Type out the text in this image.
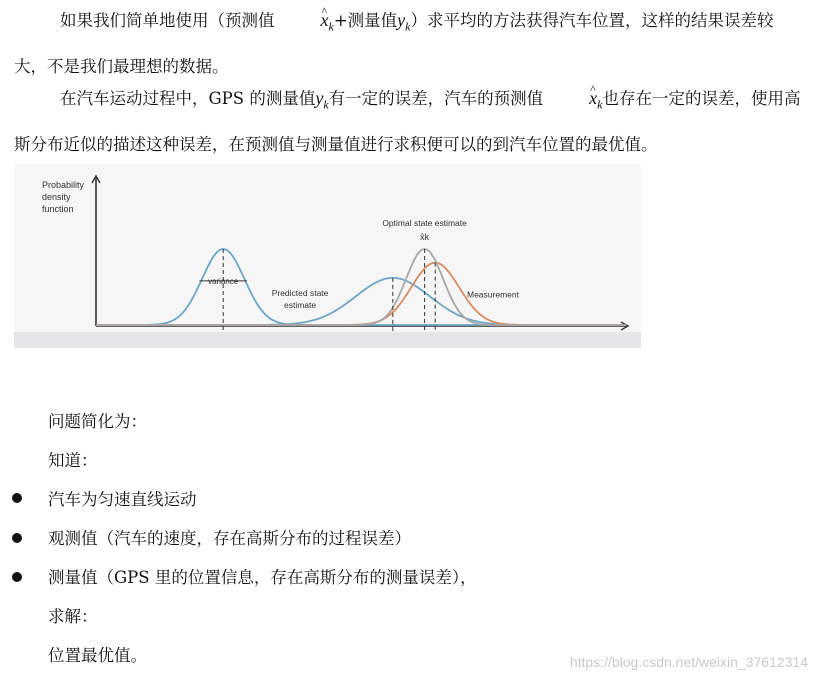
如果我们简单地使用（预测值	^ $x_k+$测量值$y_k$）求平均的方法获得汽车位置，这样的结果误差较大，不是我们最理想的数据。

在汽车运动过程中，GPS 的测量值$y_k$有一定的误差，汽车的预测值	^ $x_k$也存在一定的误差，使用高斯分布近似的描述这种误差，在预测值与测量值进行求积便可以的到汽车位置的最优值。

Probability
density
function
variance
Predicted state
estimate
Optimal state estimate
x̂k
Measurement

问题简化为：

知道：

汽车为匀速直线运动

观测值（汽车的速度，存在高斯分布的过程误差）

测量值（GPS 里的位置信息，存在高斯分布的测量误差），

求解：

位置最优值。	https://blog.csdn.net/weixin_37612314
